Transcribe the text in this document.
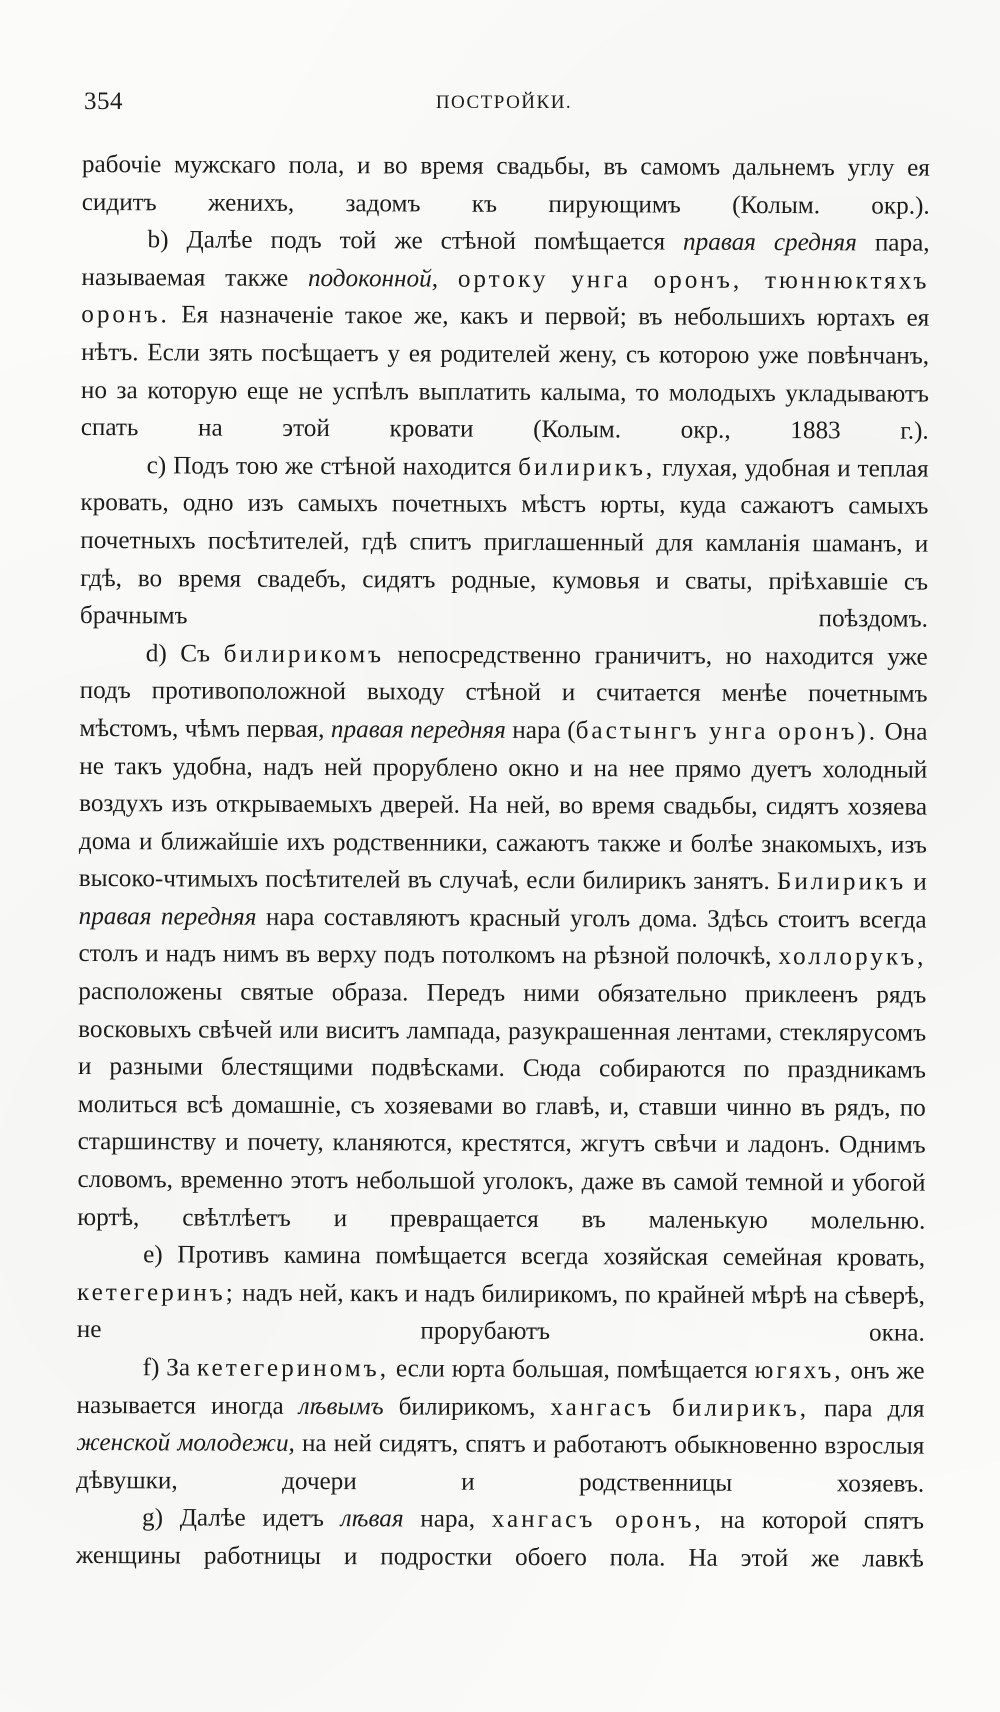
354	ПОСТРОЙКИ.

рабочіе мужскаго пола, и во время свадьбы, въ самомъ дальнемъ углу ея сидитъ женихъ, задомъ къ пирующимъ (Колым. окр.).

b) Далѣе подъ той же стѣной помѣщается правая средняя пара, называемая также подоконной, ортоку унга оронъ, тюннюктяхъ оронъ. Ея назначеніе такое же, какъ и первой; въ небольшихъ юртахъ ея нѣтъ. Если зять посѣщаетъ у ея родителей жену, съ которою уже повѣнчанъ, но за которую еще не успѣлъ выплатить калыма, то молодыхъ укладываютъ спать на этой кровати (Колым. окр., 1883 г.).

c) Подъ тою же стѣной находится билирикъ, глухая, удобная и теплая кровать, одно изъ самыхъ почетныхъ мѣстъ юрты, куда сажаютъ самыхъ почетныхъ посѣтителей, гдѣ спитъ приглашенный для камланія шаманъ, и гдѣ, во время свадебъ, сидятъ родные, кумовья и сваты, пріѣхавшіе съ брачнымъ поѣздомъ.

d) Съ билирикомъ непосредственно граничитъ, но находится уже подъ противоположной выходу стѣной и считается менѣе почетнымъ мѣстомъ, чѣмъ первая, правая передняя нара (бастынгъ унга оронъ). Она не такъ удобна, надъ ней прорублено окно и на нее прямо дуетъ холодный воздухъ изъ открываемыхъ дверей. На ней, во время свадьбы, сидятъ хозяева дома и ближайшіе ихъ родственники, сажаютъ также и болѣе знакомыхъ, изъ высоко-чтимыхъ посѣтителей въ случаѣ, если билирикъ занятъ. Билирикъ и правая передняя нара составляютъ красный уголъ дома. Здѣсь стоитъ всегда столъ и надъ нимъ въ верху подъ потолкомъ на рѣзной полочкѣ, холлорукъ, расположены святые образа. Передъ ними обязательно приклеенъ рядъ восковыхъ свѣчей или виситъ лампада, разукрашенная лентами, стеклярусомъ и разными блестящими подвѣсками. Сюда собираются по праздникамъ молиться всѣ домашніе, съ хозяевами во главѣ, и, ставши чинно въ рядъ, по старшинству и почету, кланяются, крестятся, жгутъ свѣчи и ладонъ. Однимъ словомъ, временно этотъ небольшой уголокъ, даже въ самой темной и убогой юртѣ, свѣтлѣетъ и превращается въ маленькую молельню.

e) Противъ камина помѣщается всегда хозяйская семейная кровать, кетегеринъ; надъ ней, какъ и надъ билирикомъ, по крайней мѣрѣ на сѣверѣ, не прорубаютъ окна.

f) За кетегериномъ, если юрта большая, помѣщается югяхъ, онъ же называется иногда лѣвымъ билирикомъ, хангасъ билирикъ, пара для женской молодежи, на ней сидятъ, спятъ и работаютъ обыкновенно взрослыя дѣвушки, дочери и родственницы хозяевъ.

g) Далѣе идетъ лѣвая нара, хангасъ оронъ, на которой спятъ женщины работницы и подростки обоего пола. На этой же лавкѣ
